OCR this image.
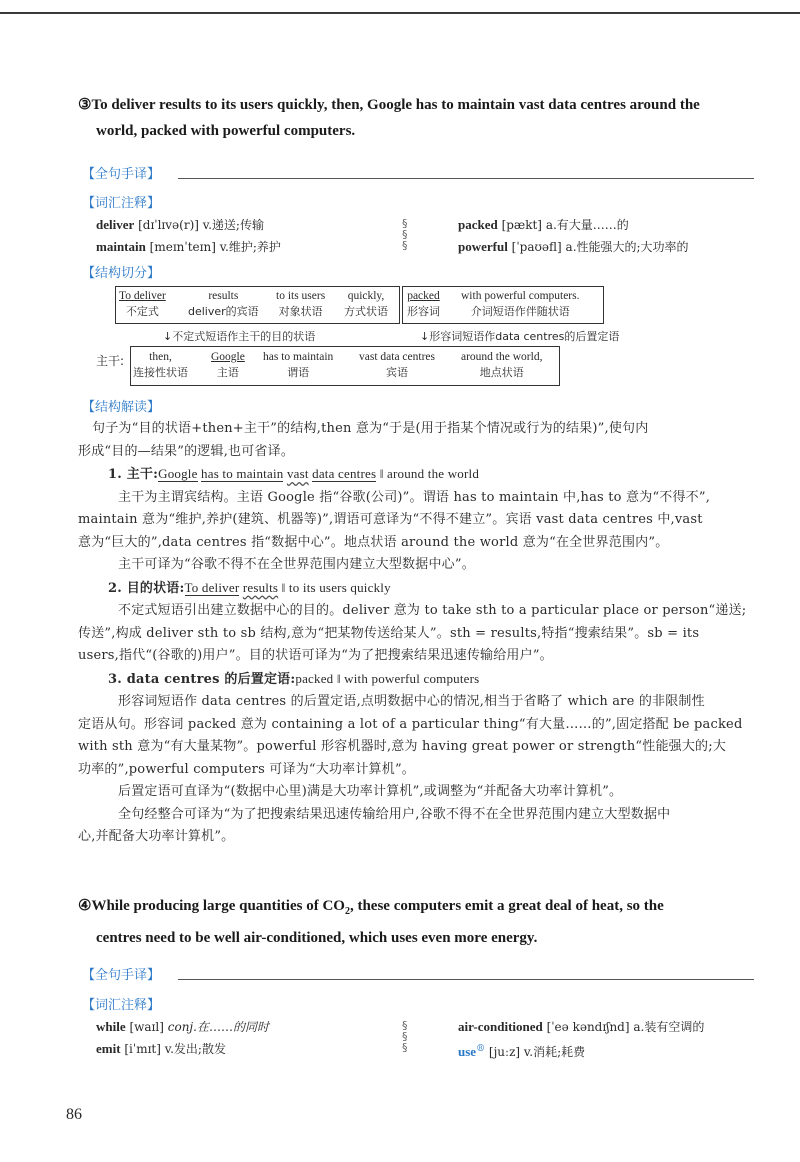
③To deliver results to its users quickly, then, Google has to maintain vast data centres around the
world, packed with powerful computers.
【全句手译】
【词汇注释】
deliver [dɪˈlɪvə(r)] v.递送;传输
maintain [meɪnˈteɪn] v.维护;养护
§
§
§
packed [pækt] a.有大量……的
powerful [ˈpaʊəfl] a.性能强大的;大功率的
【结构切分】
To deliver
不定式
results
deliver的宾语
to its users
对象状语
quickly,
方式状语
packed
形容词
with powerful computers.
介词短语作伴随状语
↓不定式短语作主干的目的状语	↓形容词短语作data centres的后置定语
主干:	then,
连接性状语
Google
主语
has to maintain
谓语
vast data centres
宾语
around the world,
地点状语
【结构解读】

句子为“目的状语+then+主干”的结构,then 意为“于是(用于指某个情况或行为的结果)”,使句内

形成“目的—结果”的逻辑,也可省译。

1. 主干:Google has to maintain vast data centres ‖ around the world

主干为主谓宾结构。主语 Google 指“谷歌(公司)”。谓语 has to maintain 中,has to 意为“不得不”,

maintain 意为“维护,养护(建筑、机器等)”,谓语可意译为“不得不建立”。宾语 vast data centres 中,vast

意为“巨大的”,data centres 指“数据中心”。地点状语 around the world 意为“在全世界范围内”。

主干可译为“谷歌不得不在全世界范围内建立大型数据中心”。

2. 目的状语:To deliver results ‖ to its users quickly

不定式短语引出建立数据中心的目的。deliver 意为 to take sth to a particular place or person“递送;

传送”,构成 deliver sth to sb 结构,意为“把某物传送给某人”。sth = results,特指“搜索结果”。sb = its

users,指代“(谷歌的)用户”。目的状语可译为“为了把搜索结果迅速传输给用户”。

3. data centres 的后置定语:packed ‖ with powerful computers

形容词短语作 data centres 的后置定语,点明数据中心的情况,相当于省略了 which are 的非限制性

定语从句。形容词 packed 意为 containing a lot of a particular thing“有大量……的”,固定搭配 be packed

with sth 意为“有大量某物”。powerful 形容机器时,意为 having great power or strength“性能强大的;大

功率的”,powerful computers 可译为“大功率计算机”。

后置定语可直译为“(数据中心里)满是大功率计算机”,或调整为“并配备大功率计算机”。

全句经整合可译为“为了把搜索结果迅速传输给用户,谷歌不得不在全世界范围内建立大型数据中

心,并配备大功率计算机”。

④While producing large quantities of $CO_2$, these computers emit a great deal of heat, so the
centres need to be well air-conditioned, which uses even more energy.
【全句手译】
【词汇注释】
while [waɪl] conj.在……的同时
emit [iˈmɪt] v.发出;散发
§
§
§
air-conditioned [ˈeə kəndɪʃnd] a.装有空调的
use® [juːz] v.消耗;耗费
86
